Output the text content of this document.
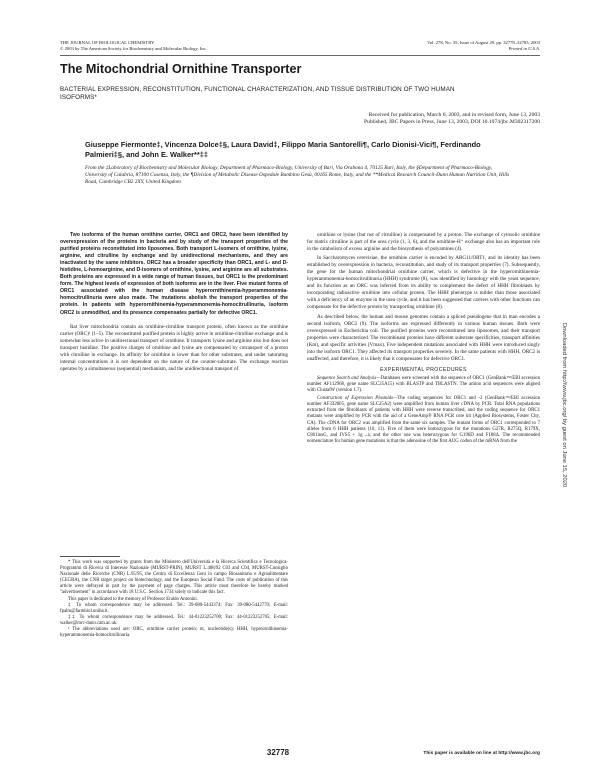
THE JOURNAL OF BIOLOGICAL CHEMISTRY
© 2003 by The American Society for Biochemistry and Molecular Biology, Inc.
Vol. 278, No. 35, Issue of August 29, pp. 32778–32783, 2003
Printed in U.S.A.
The Mitochondrial Ornithine Transporter
BACTERIAL EXPRESSION, RECONSTITUTION, FUNCTIONAL CHARACTERIZATION, AND TISSUE DISTRIBUTION OF TWO HUMAN ISOFORMS*
Received for publication, March 6, 2003, and in revised form, June 13, 2003
Published, JBC Papers in Press, June 13, 2003, DOI 10.1074/jbc.M302317200
Giuseppe Fiermonte‡, Vincenza Dolce‡§, Laura David‡, Filippo Maria Santorelli¶, Carlo Dionisi-Vici¶, Ferdinando Palmieri‡§, and John E. Walker**‡‡
From the ‡Laboratory of Biochemistry and Molecular Biology, Department of Pharmaco-Biology, University of Bari, Via Orabona 4, 70125 Bari, Italy, the §Department of Pharmaco-Biology, University of Calabria, 87100 Cosenza, Italy, the ¶Division of Metabolic Disease Ospedale Bambino Gesù, 00165 Rome, Italy, and the **Medical Research Council-Dunn Human Nutrition Unit, Hills Road, Cambridge CB2 2XY, United Kingdom

Two isoforms of the human ornithine carrier, ORC1 and ORC2, have been identified by overexpression of the proteins in bacteria and by study of the transport properties of the purified proteins reconstituted into liposomes. Both transport L-isomers of ornithine, lysine, arginine, and citrulline by exchange and by unidirectional mechanisms, and they are inactivated by the same inhibitors. ORC2 has a broader specificity than ORC1, and L- and D-histidine, L-homoarginine, and D-isomers of ornithine, lysine, and arginine are all substrates. Both proteins are expressed in a wide range of human tissues, but ORC1 is the predominant form. The highest levels of expression of both isoforms are in the liver. Five mutant forms of ORC1 associated with the human disease hyperornithinemia-hyperammonemia-homocitrullinuria were also made. The mutations abolish the transport properties of the protein. In patients with hyperornithinemia-hyperammonemia-homocitrullinuria, isoform ORC2 is unmodified, and its presence compensates partially for defective ORC1.

Rat liver mitochondria contain an ornithine-citrulline transport protein, often known as the ornithine carrier (ORC)¹ (1–5). The reconstituted purified protein is highly active in ornithine-citrulline exchange and is somewhat less active in unidirectional transport of ornithine. It transports lysine and arginine also but does not transport histidine. The positive charges of ornithine and lysine are compensated by cotransport of a proton with citrulline in exchange. Its affinity for ornithine is lower than for other substrates, and under saturating internal concentrations it is not dependent on the nature of the counter-substrate. The exchange reaction operates by a simultaneous (sequential) mechanism, and the unidirectional transport of

ornithine or lysine (but not of citrulline) is compensated by a proton. The exchange of cytosolic ornithine for matrix citrulline is part of the urea cycle (1, 3, 6), and the ornithine-H⁺ exchange also has an important role in the catabolism of excess arginine and the biosynthesis of polyamines (4).

In Saccharomyces cerevisiae, the ornithine carrier is encoded by ARG11/ORT1, and its identity has been established by overexpression in bacteria, reconstitution, and study of its transport properties (7). Subsequently, the gene for the human mitochondrial ornithine carrier, which is defective in the hyperornithinemia-hyperammonemia-homocitrullinuria (HHH) syndrome (8), was identified by homology with the yeast sequence, and its function as an ORC was inferred from its ability to complement the defect of HHH fibroblasts by incorporating radioactive ornithine into cellular protein. The HHH phenotype is milder than those associated with a deficiency of an enzyme in the urea cycle, and it has been suggested that carriers with other functions can compensate for the defective protein by transporting ornithine (8).

As described below, the human and mouse genomes contain a spliced pseudogene that in man encodes a second isoform, ORC2 (9). The isoforms are expressed differently in various human tissues. Both were overexpressed in Escherichia coli. The purified proteins were reconstituted into liposomes, and their transport properties were characterized. The recombinant proteins have different substrate specificities, transport affinities (Km), and specific activities (Vmax). Five independent mutations associated with HHH were introduced singly into the isoform ORC1. They affected its transport properties severely. In the same patients with HHH, ORC2 is unaffected, and therefore, it is likely that it compensates for defective ORC1.

EXPERIMENTAL PROCEDURES

Sequence Search and Analysis—Databases were screened with the sequence of ORC1 (GenBank™/EBI accession number AF112968, gene name SLC25A15) with BLASTP and TBLASTN. The amino acid sequences were aligned with ClustalW (version 1.7).

Construction of Expression Plasmids—The coding sequences for ORC1 and -2 (GenBank™/EBI accession number AF332005, gene name SLC25A2) were amplified from human liver cDNA by PCR. Total RNA populations extracted from the fibroblasts of patients with HHH were reverse transcribed, and the coding sequence for ORC1 mutants were amplified by PCR with the aid of a GeneAmp® RNA PCR core kit (Applied Biosystems, Foster City, CA). The cDNA for ORC2 was amplified from the same six samples. The mutant forms of ORC1 corresponded to 7 alleles from 6 HHH patients (10, 11). Five of them were homozygous for the mutations G27R, R275Q, R179X, C861insG, and IVS5 + 1g→a, and the other one was heterozygous for G196D and F188Δ. The recommended nomenclature for human gene mutations is that the adenosine of the first AUG codon of the mRNA from the

* This work was supported by grants from the Ministero dell'Università e la Ricerca Scientifica e Tecnologica-Programmi di Ricerca di Interesse Nazionale (MURST-PRIN), MURST L.488/92 C03 and C04, MURST-Consiglio Nazionale delle Ricerche (CNR) L.95/95, the Centro di Eccellenza Geni in campo Biosanitario e Agroalimentare (CEGBA), the CNR target project on biotechnology, and the European Social Fund. The costs of publication of this article were defrayed in part by the payment of page charges. This article must therefore be hereby marked "advertisement" in accordance with 18 U.S.C. Section 1734 solely to indicate this fact.

This paper is dedicated to the memory of Professor Eraldo Antonini.

‡ To whom correspondence may be addressed. Tel.: 39-080-5443374; Fax: 39-080-5442770; E-mail: fpalm@farmbiol.uniba.it.

‡‡ To whom correspondence may be addressed. Tel.: 44-01223252700; Fax: 44-01223252705; E-mail: walker@mrc-dunn.cam.ac.uk.

¹ The abbreviations used are: ORC, ornithine carrier protein; nt, nucleotide(s); HHH, hyperornithinemia-hyperammonemia-homocitrullinuria.

Downloaded from http://www.jbc.org/ by guest on June 15, 2020
32778	This paper is available on line at http://www.jbc.org
